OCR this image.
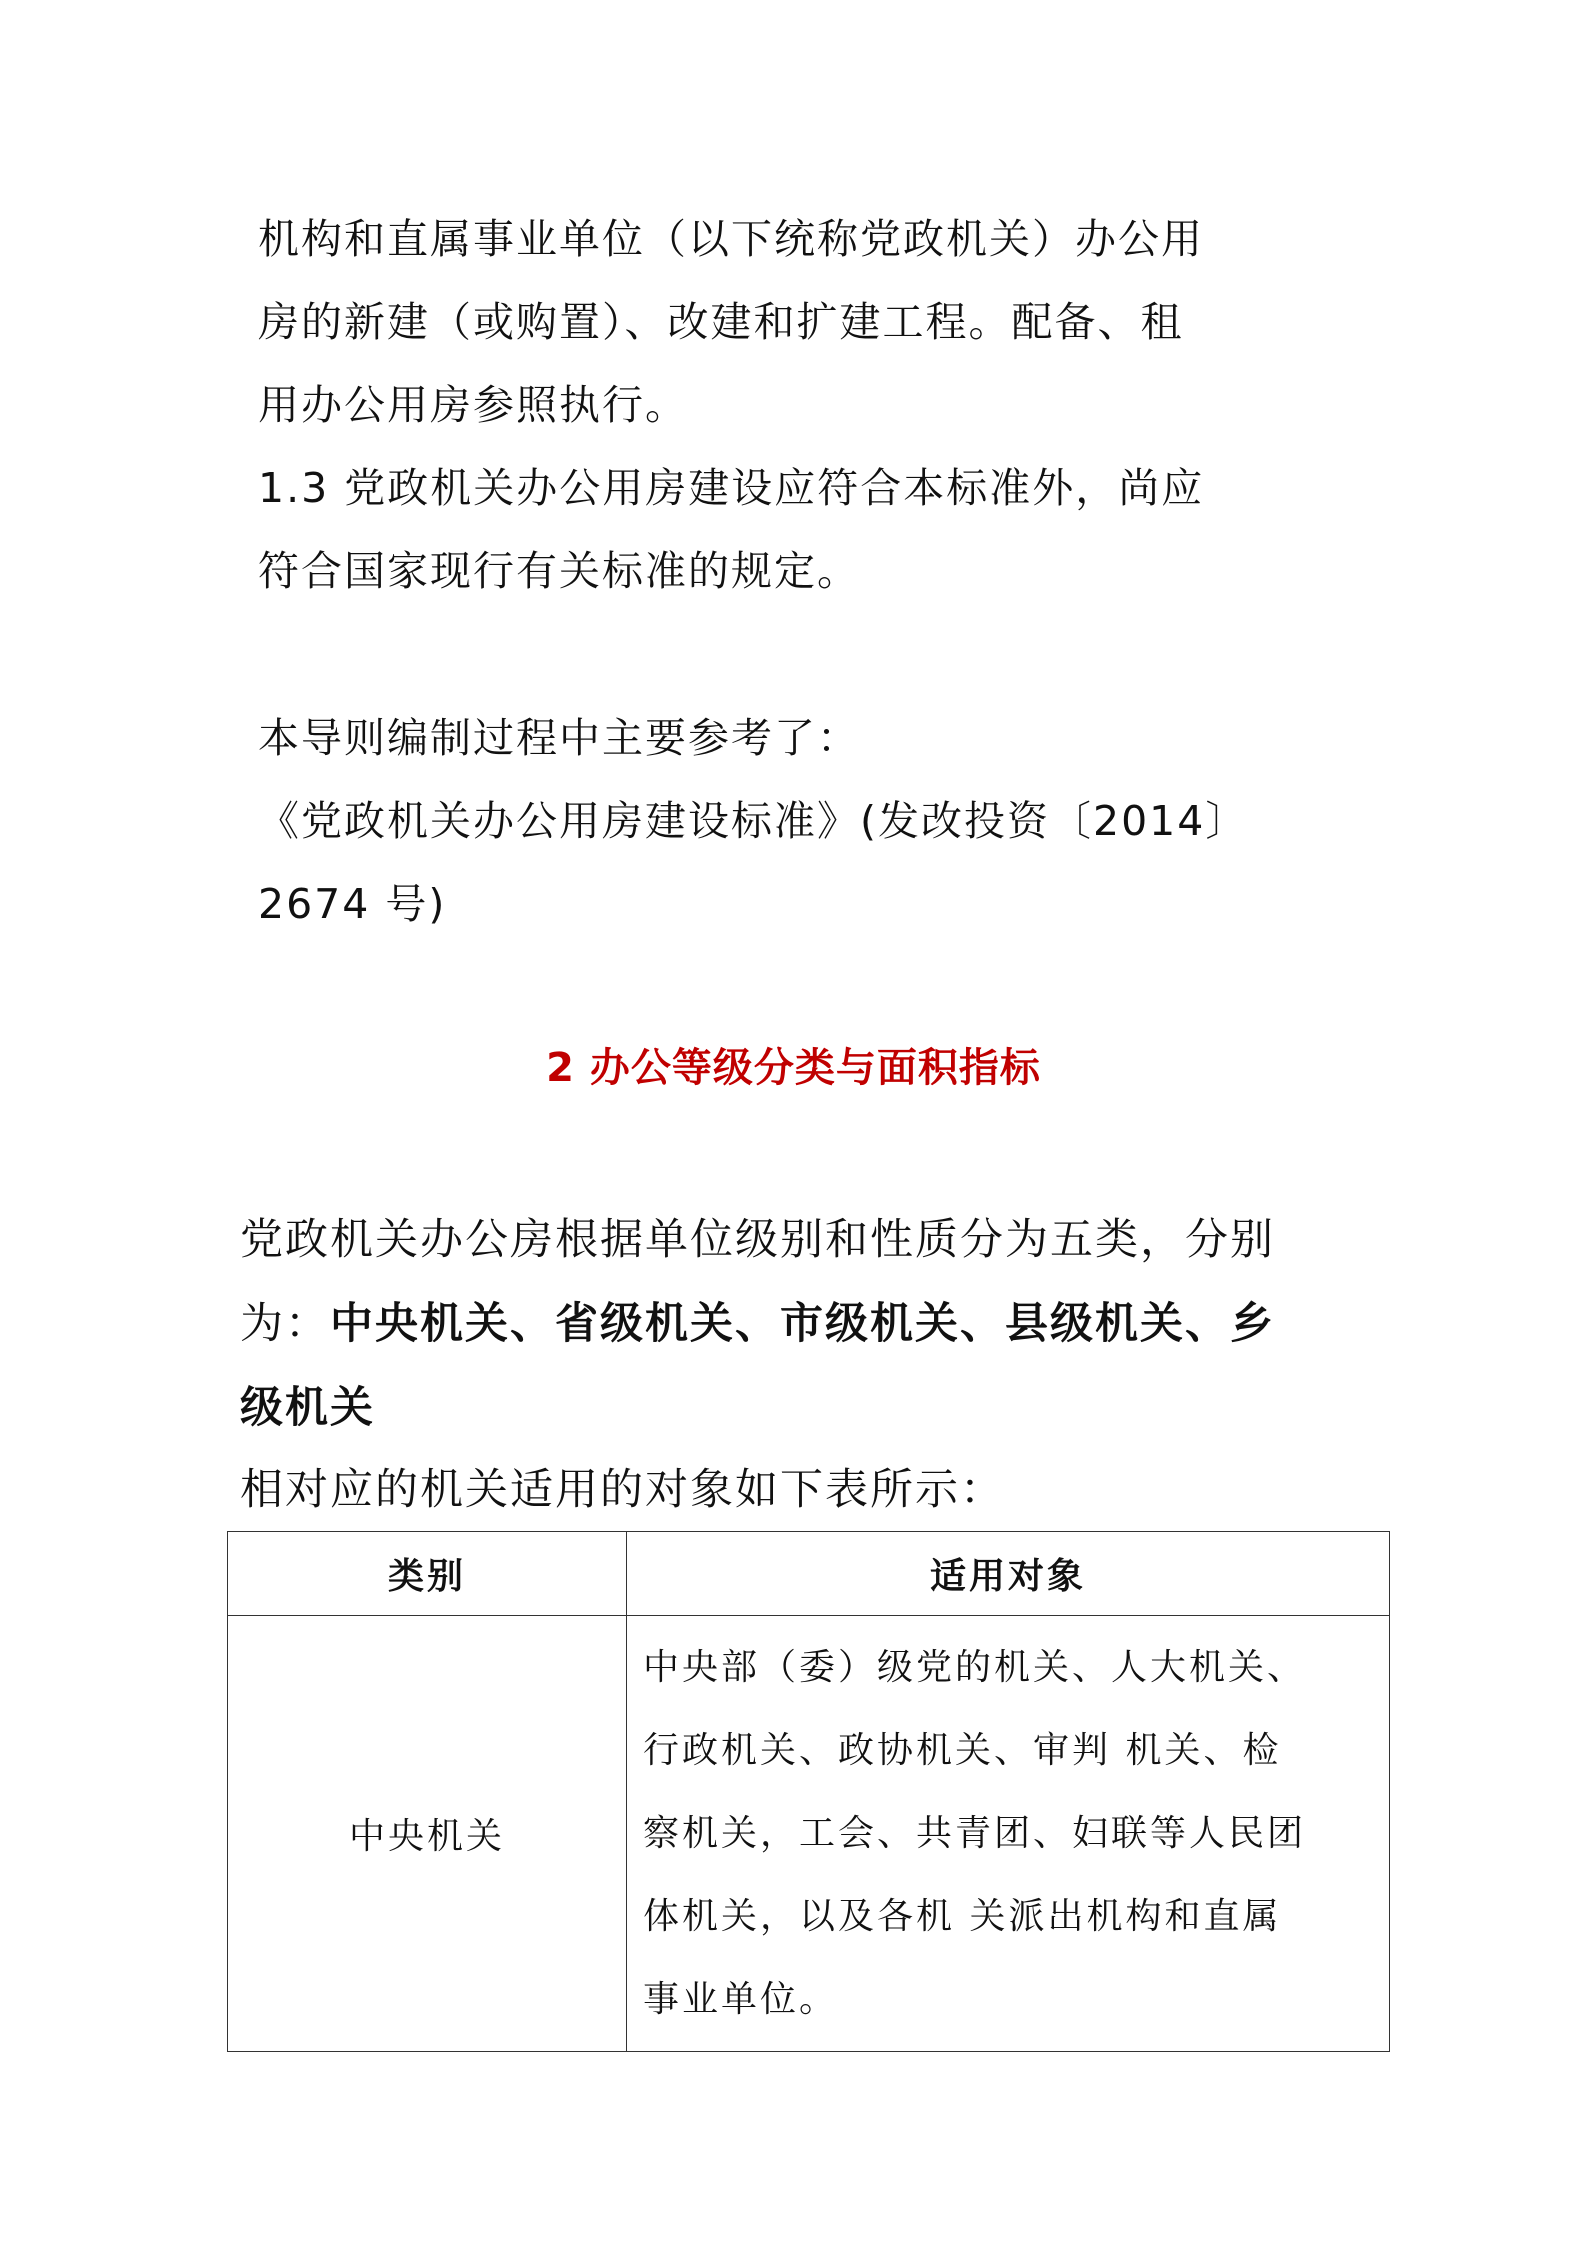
机构和直属事业单位（以下统称党政机关）办公用

房的新建（或购置）、改建和扩建工程。配备、租

用办公用房参照执行。

1.3 党政机关办公用房建设应符合本标准外，尚应

符合国家现行有关标准的规定。

本导则编制过程中主要参考了：

《党政机关办公用房建设标准》(发改投资〔2014〕

2674 号)

2 办公等级分类与面积指标

党政机关办公房根据单位级别和性质分为五类，分别

为：中央机关、省级机关、市级机关、县级机关、乡

级机关

相对应的机关适用的对象如下表所示：

类别	适用对象
中央机关	中央部（委）级党的机关、人大机关、
行政机关、政协机关、审判 机关、检
察机关，工会、共青团、妇联等人民团
体机关，以及各机 关派出机构和直属
事业单位。
